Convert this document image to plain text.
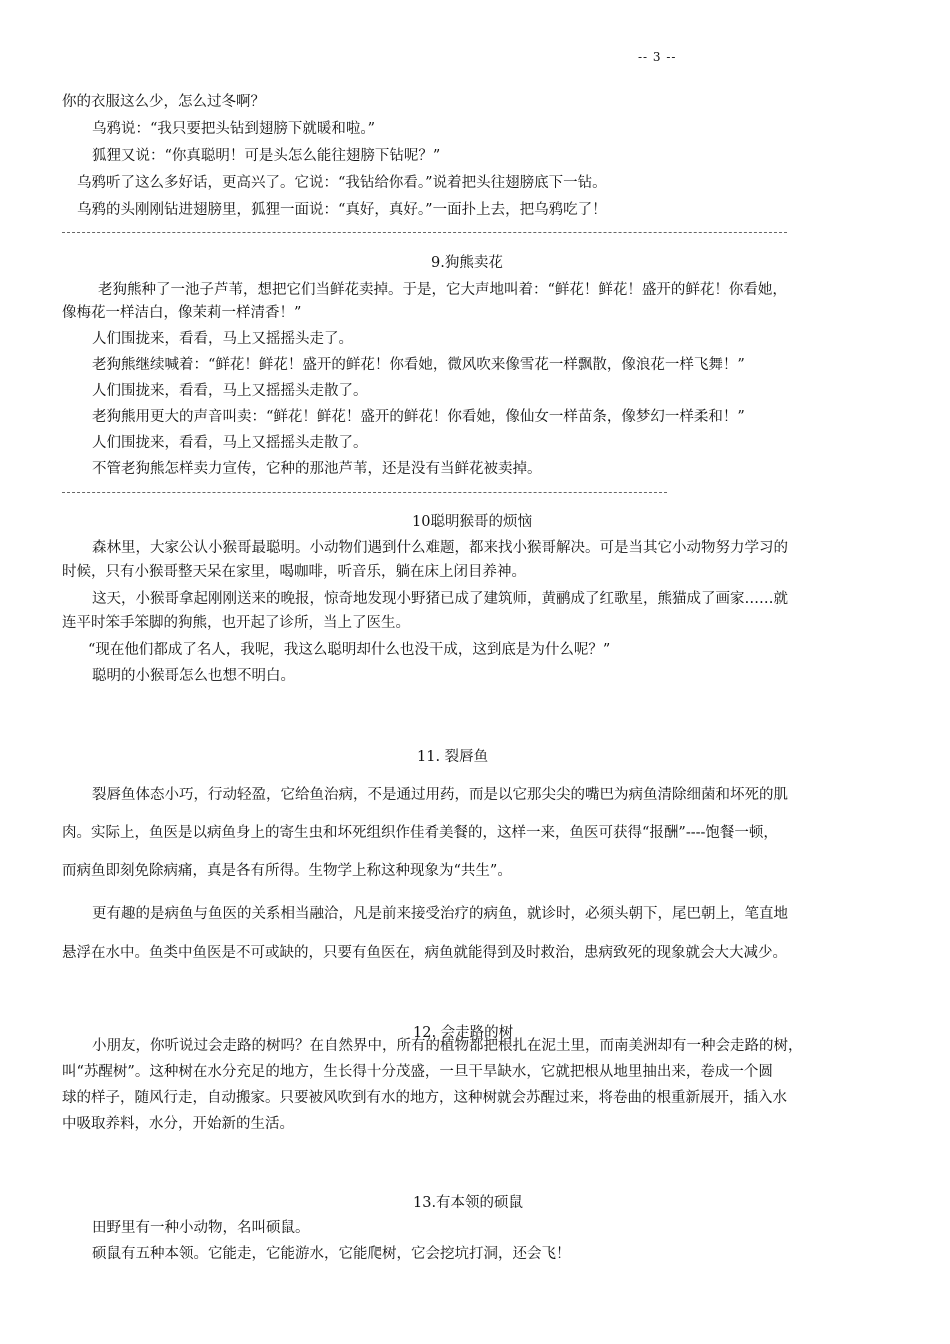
-- 3 --
你的衣服这么少，怎么过冬啊？
乌鸦说：“我只要把头钻到翅膀下就暖和啦。”
狐狸又说：“你真聪明！可是头怎么能往翅膀下钻呢？”
乌鸦听了这么多好话，更高兴了。它说：“我钻给你看。”说着把头往翅膀底下一钻。
乌鸦的头刚刚钻进翅膀里，狐狸一面说：“真好，真好。”一面扑上去，把乌鸦吃了！
9.狗熊卖花
老狗熊种了一池子芦苇，想把它们当鲜花卖掉。于是，它大声地叫着：“鲜花！鲜花！盛开的鲜花！你看她，
像梅花一样洁白，像茉莉一样清香！”
人们围拢来，看看，马上又摇摇头走了。
老狗熊继续喊着：“鲜花！鲜花！盛开的鲜花！你看她，微风吹来像雪花一样飘散，像浪花一样飞舞！”
人们围拢来，看看，马上又摇摇头走散了。
老狗熊用更大的声音叫卖：“鲜花！鲜花！盛开的鲜花！你看她，像仙女一样苗条，像梦幻一样柔和！”
人们围拢来，看看，马上又摇摇头走散了。
不管老狗熊怎样卖力宣传，它种的那池芦苇，还是没有当鲜花被卖掉。
10聪明猴哥的烦恼
森林里，大家公认小猴哥最聪明。小动物们遇到什么难题，都来找小猴哥解决。可是当其它小动物努力学习的
时候，只有小猴哥整天呆在家里，喝咖啡，听音乐，躺在床上闭目养神。
这天，小猴哥拿起刚刚送来的晚报，惊奇地发现小野猪已成了建筑师，黄鹂成了红歌星，熊猫成了画家……就
连平时笨手笨脚的狗熊，也开起了诊所，当上了医生。
“现在他们都成了名人，我呢，我这么聪明却什么也没干成，这到底是为什么呢？”
聪明的小猴哥怎么也想不明白。
11. 裂唇鱼
裂唇鱼体态小巧，行动轻盈，它给鱼治病，不是通过用药，而是以它那尖尖的嘴巴为病鱼清除细菌和坏死的肌
肉。实际上，鱼医是以病鱼身上的寄生虫和坏死组织作佳肴美餐的，这样一来，鱼医可获得“报酬”----饱餐一顿，
而病鱼即刻免除病痛，真是各有所得。生物学上称这种现象为“共生”。
更有趣的是病鱼与鱼医的关系相当融洽，凡是前来接受治疗的病鱼，就诊时，必须头朝下，尾巴朝上，笔直地
悬浮在水中。鱼类中鱼医是不可或缺的，只要有鱼医在，病鱼就能得到及时救治，患病致死的现象就会大大减少。
12. 会走路的树
小朋友，你听说过会走路的树吗？在自然界中，所有的植物都把根扎在泥土里，而南美洲却有一种会走路的树，
叫“苏醒树”。这种树在水分充足的地方，生长得十分茂盛，一旦干旱缺水，它就把根从地里抽出来，卷成一个圆
球的样子，随风行走，自动搬家。只要被风吹到有水的地方，这种树就会苏醒过来，将卷曲的根重新展开，插入水
中吸取养料，水分，开始新的生活。
13.有本领的硕鼠
田野里有一种小动物，名叫硕鼠。
硕鼠有五种本领。它能走，它能游水，它能爬树，它会挖坑打洞，还会飞！
